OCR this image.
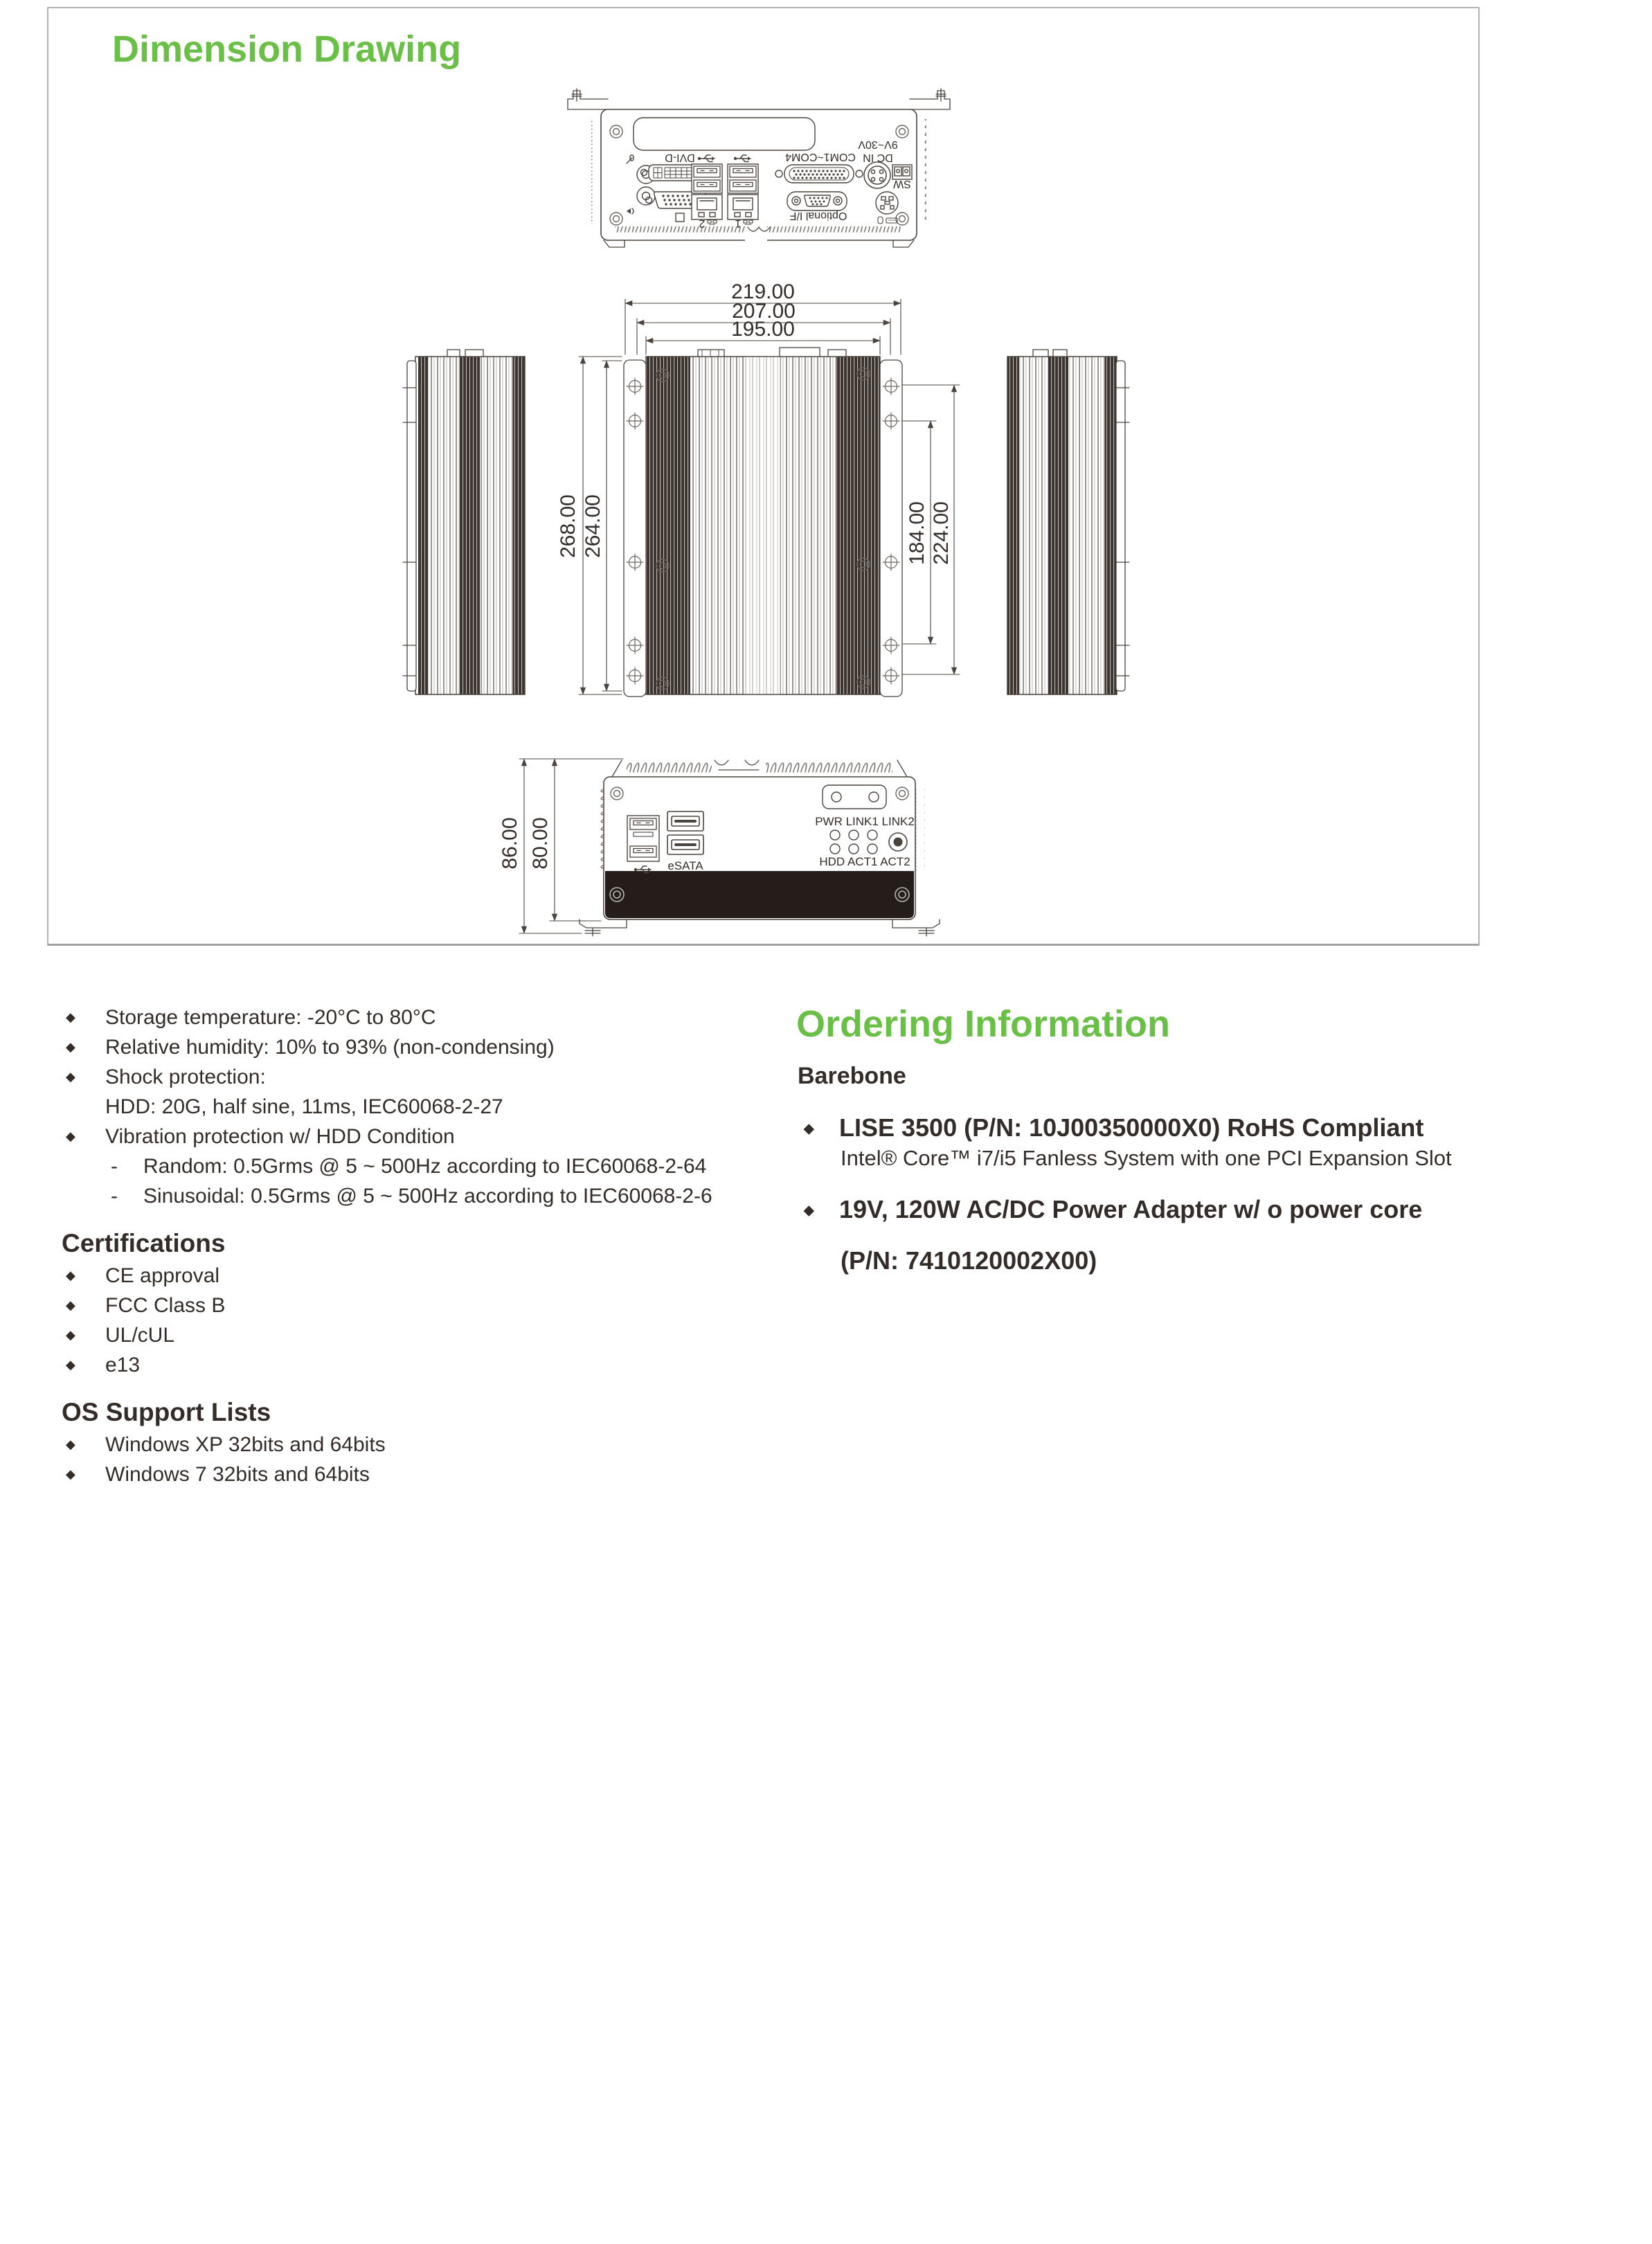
Dimension Drawing
DVI-D	COM1~COM4
9V~30V
DC IN
SW
Optional I/F
2	1
PWR LINK1 LINK2
HDD ACT1 ACT2
eSATA
219.00
207.00
195.00
268.00 264.00	184.00 224.00
86.00 80.00
◆ Storage temperature: -20°C to 80°C
◆ Relative humidity: 10% to 93% (non-condensing)
◆ Shock protection:
HDD: 20G, half sine, 11ms, IEC60068-2-27
◆ Vibration protection w/ HDD Condition
- Random: 0.5Grms @ 5 ~ 500Hz according to IEC60068-2-64
- Sinusoidal: 0.5Grms @ 5 ~ 500Hz according to IEC60068-2-6
Certifications
◆ CE approval
◆ FCC Class B
◆ UL/cUL
◆ e13
OS Support Lists
◆ Windows XP 32bits and 64bits
◆ Windows 7 32bits and 64bits
Ordering Information
Barebone
◆ LISE 3500 (P/N: 10J00350000X0) RoHS Compliant
Intel® Core™ i7/i5 Fanless System with one PCI Expansion Slot
◆ 19V, 120W AC/DC Power Adapter w/ o power core
(P/N: 7410120002X00)
